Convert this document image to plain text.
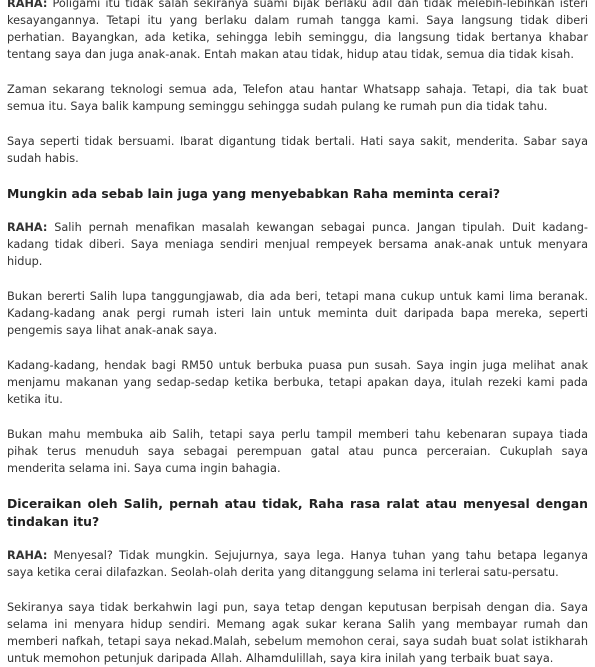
RAHA: Poligami itu tidak salah sekiranya suami bijak berlaku adil dan tidak melebih-lebihkan isteri kesayangannya. Tetapi itu yang berlaku dalam rumah tangga kami. Saya langsung tidak diberi perhatian. Bayangkan, ada ketika, sehingga lebih seminggu, dia langsung tidak bertanya khabar tentang saya dan juga anak-anak. Entah makan atau tidak, hidup atau tidak, semua dia tidak kisah.

Zaman sekarang teknologi semua ada, Telefon atau hantar Whatsapp sahaja. Tetapi, dia tak buat semua itu. Saya balik kampung seminggu sehingga sudah pulang ke rumah pun dia tidak tahu.

Saya seperti tidak bersuami. Ibarat digantung tidak bertali. Hati saya sakit, menderita. Sabar saya sudah habis.

Mungkin ada sebab lain juga yang menyebabkan Raha meminta cerai?

RAHA: Salih pernah menafikan masalah kewangan sebagai punca. Jangan tipulah. Duit kadang-kadang tidak diberi. Saya meniaga sendiri menjual rempeyek bersama anak-anak untuk menyara hidup.

Bukan bererti Salih lupa tanggungjawab, dia ada beri, tetapi mana cukup untuk kami lima beranak. Kadang-kadang anak pergi rumah isteri lain untuk meminta duit daripada bapa mereka, seperti pengemis saya lihat anak-anak saya.

Kadang-kadang, hendak bagi RM50 untuk berbuka puasa pun susah. Saya ingin juga melihat anak menjamu makanan yang sedap-sedap ketika berbuka, tetapi apakan daya, itulah rezeki kami pada ketika itu.

Bukan mahu membuka aib Salih, tetapi saya perlu tampil memberi tahu kebenaran supaya tiada pihak terus menuduh saya sebagai perempuan gatal atau punca perceraian. Cukuplah saya menderita selama ini. Saya cuma ingin bahagia.

Diceraikan oleh Salih, pernah atau tidak, Raha rasa ralat atau menyesal dengan tindakan itu?

RAHA: Menyesal? Tidak mungkin. Sejujurnya, saya lega. Hanya tuhan yang tahu betapa leganya saya ketika cerai dilafazkan. Seolah-olah derita yang ditanggung selama ini terlerai satu-persatu.

Sekiranya saya tidak berkahwin lagi pun, saya tetap dengan keputusan berpisah dengan dia. Saya selama ini menyara hidup sendiri. Memang agak sukar kerana Salih yang membayar rumah dan memberi nafkah, tetapi saya nekad.Malah, sebelum memohon cerai, saya sudah buat solat istikharah untuk memohon petunjuk daripada Allah. Alhamdulillah, saya kira inilah yang terbaik buat saya.
